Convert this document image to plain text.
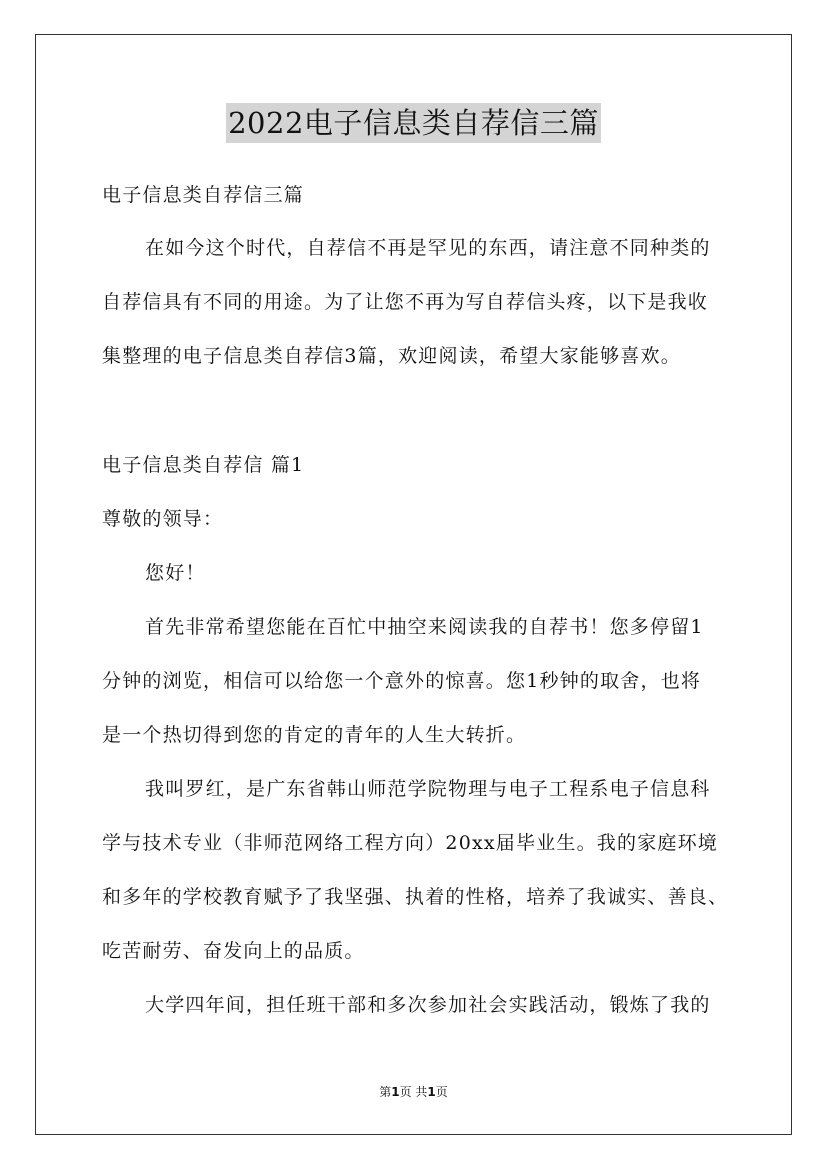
2022电子信息类自荐信三篇
电子信息类自荐信三篇
在如今这个时代，自荐信不再是罕见的东西，请注意不同种类的
自荐信具有不同的用途。为了让您不再为写自荐信头疼，以下是我收
集整理的电子信息类自荐信3篇，欢迎阅读，希望大家能够喜欢。
电子信息类自荐信 篇1
尊敬的领导：
您好！
首先非常希望您能在百忙中抽空来阅读我的自荐书！您多停留1
分钟的浏览，相信可以给您一个意外的惊喜。您1秒钟的取舍，也将
是一个热切得到您的肯定的青年的人生大转折。
我叫罗红，是广东省韩山师范学院物理与电子工程系电子信息科
学与技术专业（非师范网络工程方向）20xx届毕业生。我的家庭环境
和多年的学校教育赋予了我坚强、执着的性格，培养了我诚实、善良、
吃苦耐劳、奋发向上的品质。
大学四年间，担任班干部和多次参加社会实践活动，锻炼了我的
第1页 共1页
